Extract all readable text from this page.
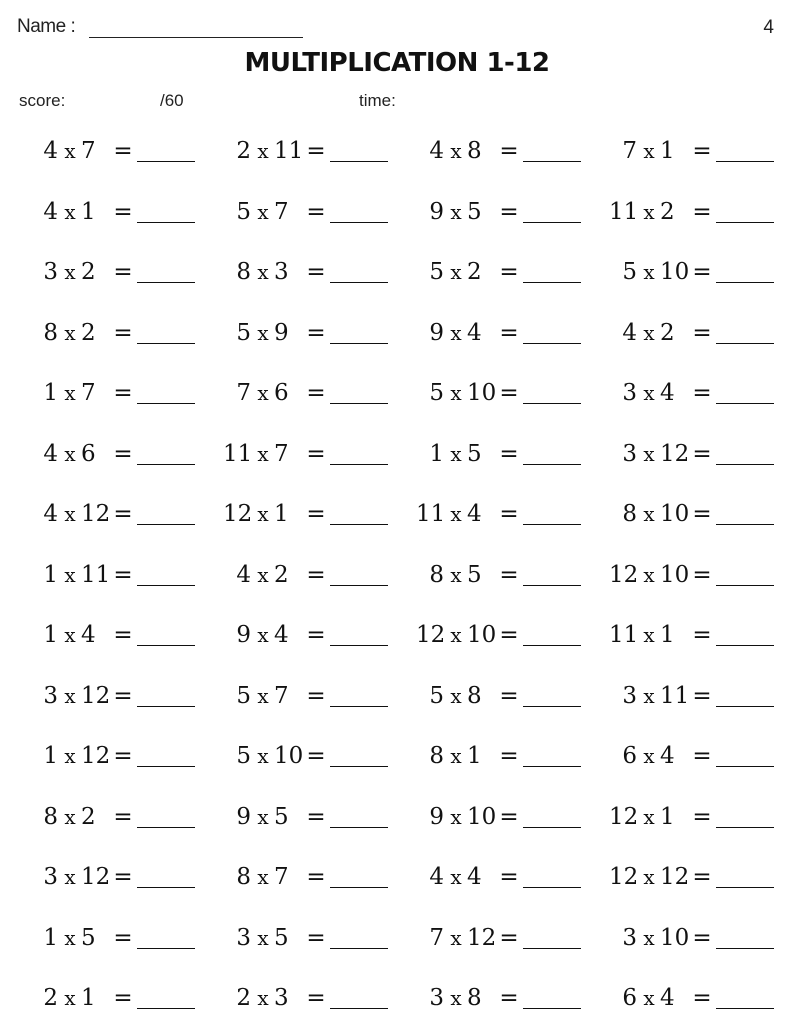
Name :	4
MULTIPLICATION 1-12
score:	/60	time:
4 x 7 =	2 x 11 =	4 x 8 =	7 x 1 =
4 x 1 =	5 x 7 =	9 x 5 =	11 x 2 =
3 x 2 =	8 x 3 =	5 x 2 =	5 x 10 =
8 x 2 =	5 x 9 =	9 x 4 =	4 x 2 =
1 x 7 =	7 x 6 =	5 x 10 =	3 x 4 =
4 x 6 =	11 x 7 =	1 x 5 =	3 x 12 =
4 x 12 =	12 x 1 =	11 x 4 =	8 x 10 =
1 x 11 =	4 x 2 =	8 x 5 =	12 x 10 =
1 x 4 =	9 x 4 =	12 x 10 =	11 x 1 =
3 x 12 =	5 x 7 =	5 x 8 =	3 x 11 =
1 x 12 =	5 x 10 =	8 x 1 =	6 x 4 =
8 x 2 =	9 x 5 =	9 x 10 =	12 x 1 =
3 x 12 =	8 x 7 =	4 x 4 =	12 x 12 =
1 x 5 =	3 x 5 =	7 x 12 =	3 x 10 =
2 x 1 =	2 x 3 =	3 x 8 =	6 x 4 =
